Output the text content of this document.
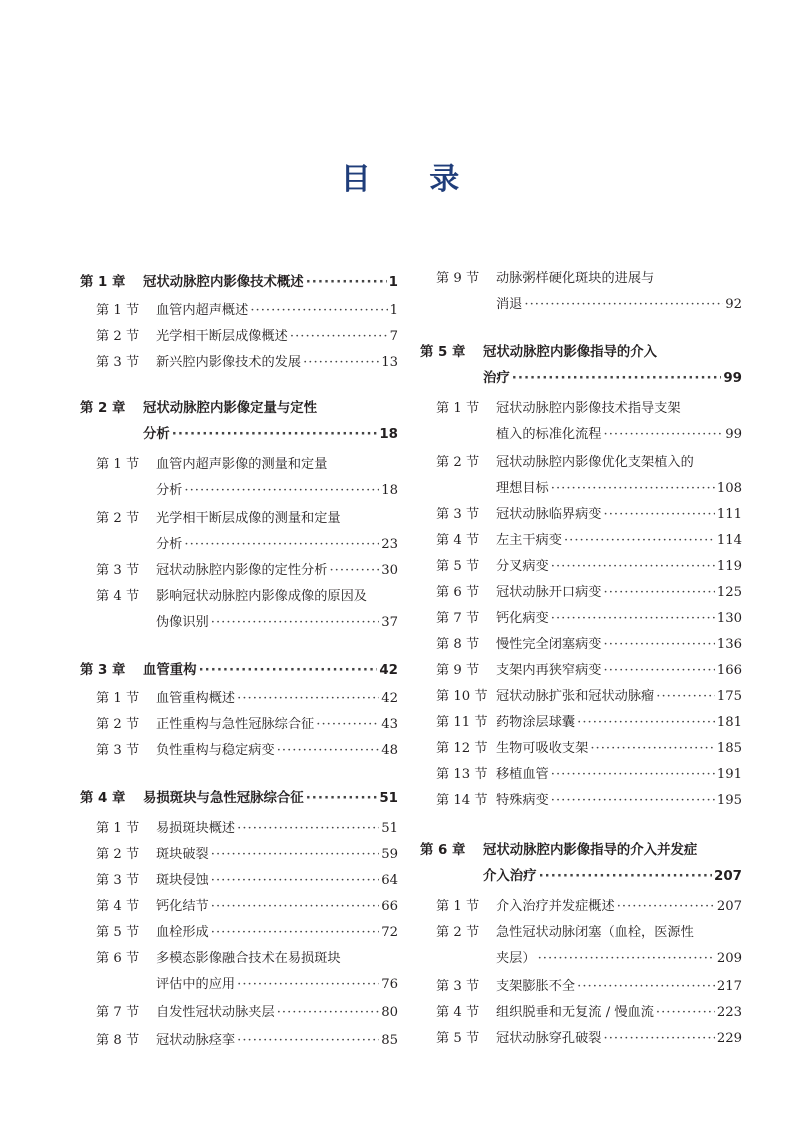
目 录
第 1 章	冠状动脉腔内影像技术概述 ·····	1
第 1 节	血管内超声概述 ·····	1
第 2 节	光学相干断层成像概述 ·····	7
第 3 节	新兴腔内影像技术的发展 ·····	13
第 2 章	冠状动脉腔内影像定量与定性
分析 ·····	18
第 1 节	血管内超声影像的测量和定量
分析 ·····	18
第 2 节	光学相干断层成像的测量和定量
分析 ·····	23
第 3 节	冠状动脉腔内影像的定性分析 ·····	30
第 4 节	影响冠状动脉腔内影像成像的原因及
伪像识别 ·····	37
第 3 章	血管重构 ·····	42
第 1 节	血管重构概述 ·····	42
第 2 节	正性重构与急性冠脉综合征 ·····	43
第 3 节	负性重构与稳定病变 ·····	48
第 4 章	易损斑块与急性冠脉综合征 ·····	51
第 1 节	易损斑块概述 ·····	51
第 2 节	斑块破裂 ·····	59
第 3 节	斑块侵蚀 ·····	64
第 4 节	钙化结节 ·····	66
第 5 节	血栓形成 ·····	72
第 6 节	多模态影像融合技术在易损斑块
评估中的应用 ·····	76
第 7 节	自发性冠状动脉夹层 ·····	80
第 8 节	冠状动脉痉挛 ·····	85
第 9 节	动脉粥样硬化斑块的进展与
消退 ·····	92
第 5 章	冠状动脉腔内影像指导的介入
治疗 ·····	99
第 1 节	冠状动脉腔内影像技术指导支架
植入的标准化流程 ·····	99
第 2 节	冠状动脉腔内影像优化支架植入的
理想目标 ·····	108
第 3 节	冠状动脉临界病变 ·····	111
第 4 节	左主干病变 ·····	114
第 5 节	分叉病变 ·····	119
第 6 节	冠状动脉开口病变 ·····	125
第 7 节	钙化病变 ·····	130
第 8 节	慢性完全闭塞病变 ·····	136
第 9 节	支架内再狭窄病变 ·····	166
第 10 节 冠状动脉扩张和冠状动脉瘤 ·····	175
第 11 节 药物涂层球囊 ·····	181
第 12 节 生物可吸收支架 ·····	185
第 13 节 移植血管 ·····	191
第 14 节 特殊病变 ·····	195
第 6 章	冠状动脉腔内影像指导的介入并发症
介入治疗 ·····	207
第 1 节	介入治疗并发症概述 ·····	207
第 2 节	急性冠状动脉闭塞（血栓，医源性
夹层） ·····	209
第 3 节	支架膨胀不全 ·····	217
第 4 节	组织脱垂和无复流 / 慢血流 ·····	223
第 5 节	冠状动脉穿孔破裂 ·····	229
